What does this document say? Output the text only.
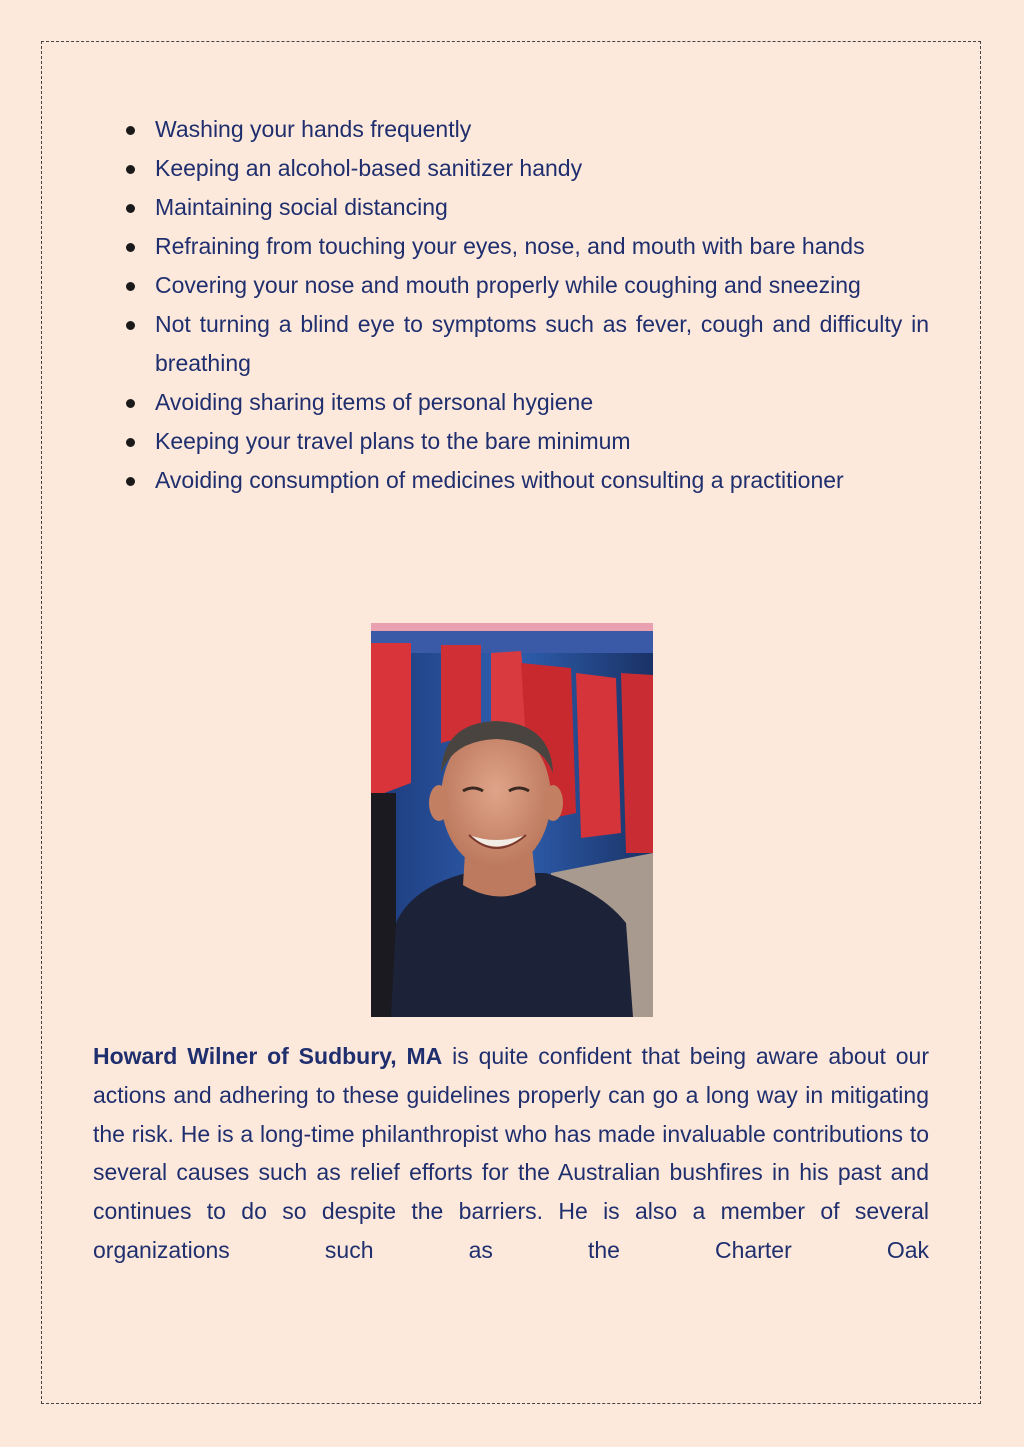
Washing your hands frequently
Keeping an alcohol-based sanitizer handy
Maintaining social distancing
Refraining from touching your eyes, nose, and mouth with bare hands
Covering your nose and mouth properly while coughing and sneezing
Not turning a blind eye to symptoms such as fever, cough and difficulty in breathing
Avoiding sharing items of personal hygiene
Keeping your travel plans to the bare minimum
Avoiding consumption of medicines without consulting a practitioner

Howard Wilner of Sudbury, MA is quite confident that being aware about our actions and adhering to these guidelines properly can go a long way in mitigating the risk. He is a long-time philanthropist who has made invaluable contributions to several causes such as relief efforts for the Australian bushfires in his past and continues to do so despite the barriers. He is also a member of several organizations such as the Charter Oak
